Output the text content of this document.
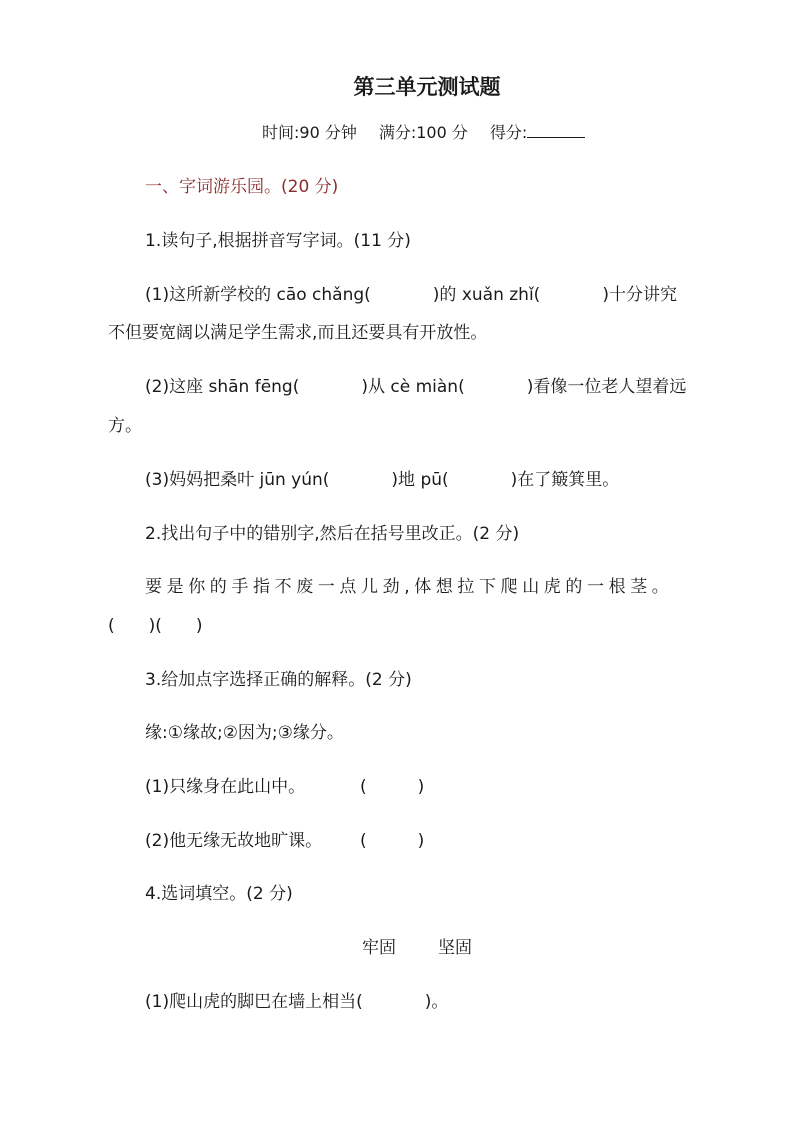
第三单元测试题
时间:90 分钟 满分:100 分 得分:
一、字词游乐园。(20 分)
1.读句子,根据拼音写字词。(11 分)
(1)这所新学校的 cāo chǎng(	)的 xuǎn zhǐ(	)十分讲究
不但要宽阔以满足学生需求,而且还要具有开放性。
(2)这座 shān fēng(	)从 cè miàn(	)看像一位老人望着远
方。
(3)妈妈把桑叶 jūn yún(	)地 pū(	)在了簸箕里。
2.找出句子中的错别字,然后在括号里改正。(2 分)
要是你的手指不废一点儿劲,体想拉下爬山虎的一根茎。
(　　)(　　)
3.给加点字选择正确的解释。(2 分)
缘:①缘故;②因为;③缘分。
(1)只缘身在此山中。	(　　　)
(2)他无缘无故地旷课。 (　　　)
4.选词填空。(2 分)
牢固 坚固
(1)爬山虎的脚巴在墙上相当(	)。
